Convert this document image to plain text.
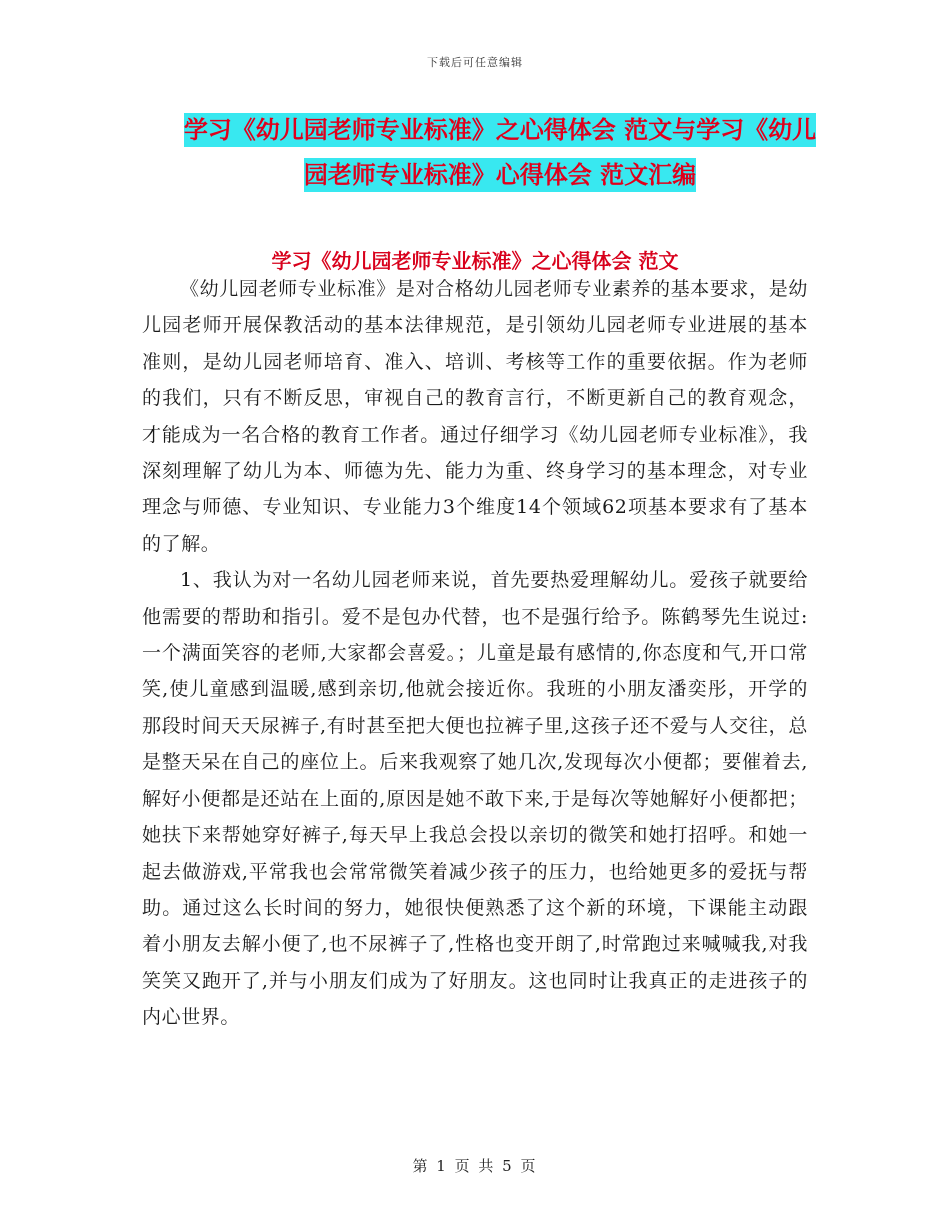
下载后可任意编辑
学习《幼儿园老师专业标准》之心得体会 范文与学习《幼儿园老师专业标准》心得体会 范文汇编
学习《幼儿园老师专业标准》之心得体会 范文

《幼儿园老师专业标准》是对合格幼儿园老师专业素养的基本要求，是幼儿园老师开展保教活动的基本法律规范，是引领幼儿园老师专业进展的基本准则，是幼儿园老师培育、准入、培训、考核等工作的重要依据。作为老师的我们，只有不断反思，审视自己的教育言行，不断更新自己的教育观念，才能成为一名合格的教育工作者。通过仔细学习《幼儿园老师专业标准》，我深刻理解了幼儿为本、师德为先、能力为重、终身学习的基本理念，对专业理念与师德、专业知识、专业能力3个维度14个领域62项基本要求有了基本的了解。

1、我认为对一名幼儿园老师来说，首先要热爱理解幼儿。爱孩子就要给他需要的帮助和指引。爱不是包办代替，也不是强行给予。陈鹤琴先生说过:一个满面笑容的老师,大家都会喜爱。；儿童是最有感情的,你态度和气,开口常笑,使儿童感到温暖,感到亲切,他就会接近你。我班的小朋友潘奕彤，开学的那段时间天天尿裤子,有时甚至把大便也拉裤子里,这孩子还不爱与人交往，总是整天呆在自己的座位上。后来我观察了她几次,发现每次小便都；要催着去,解好小便都是还站在上面的,原因是她不敢下来,于是每次等她解好小便都把；她扶下来帮她穿好裤子,每天早上我总会投以亲切的微笑和她打招呼。和她一起去做游戏,平常我也会常常微笑着减少孩子的压力，也给她更多的爱抚与帮助。通过这么长时间的努力，她很快便熟悉了这个新的环境，下课能主动跟着小朋友去解小便了,也不尿裤子了,性格也变开朗了,时常跑过来喊喊我,对我笑笑又跑开了,并与小朋友们成为了好朋友。这也同时让我真正的走进孩子的内心世界。

第 1 页 共 5 页
